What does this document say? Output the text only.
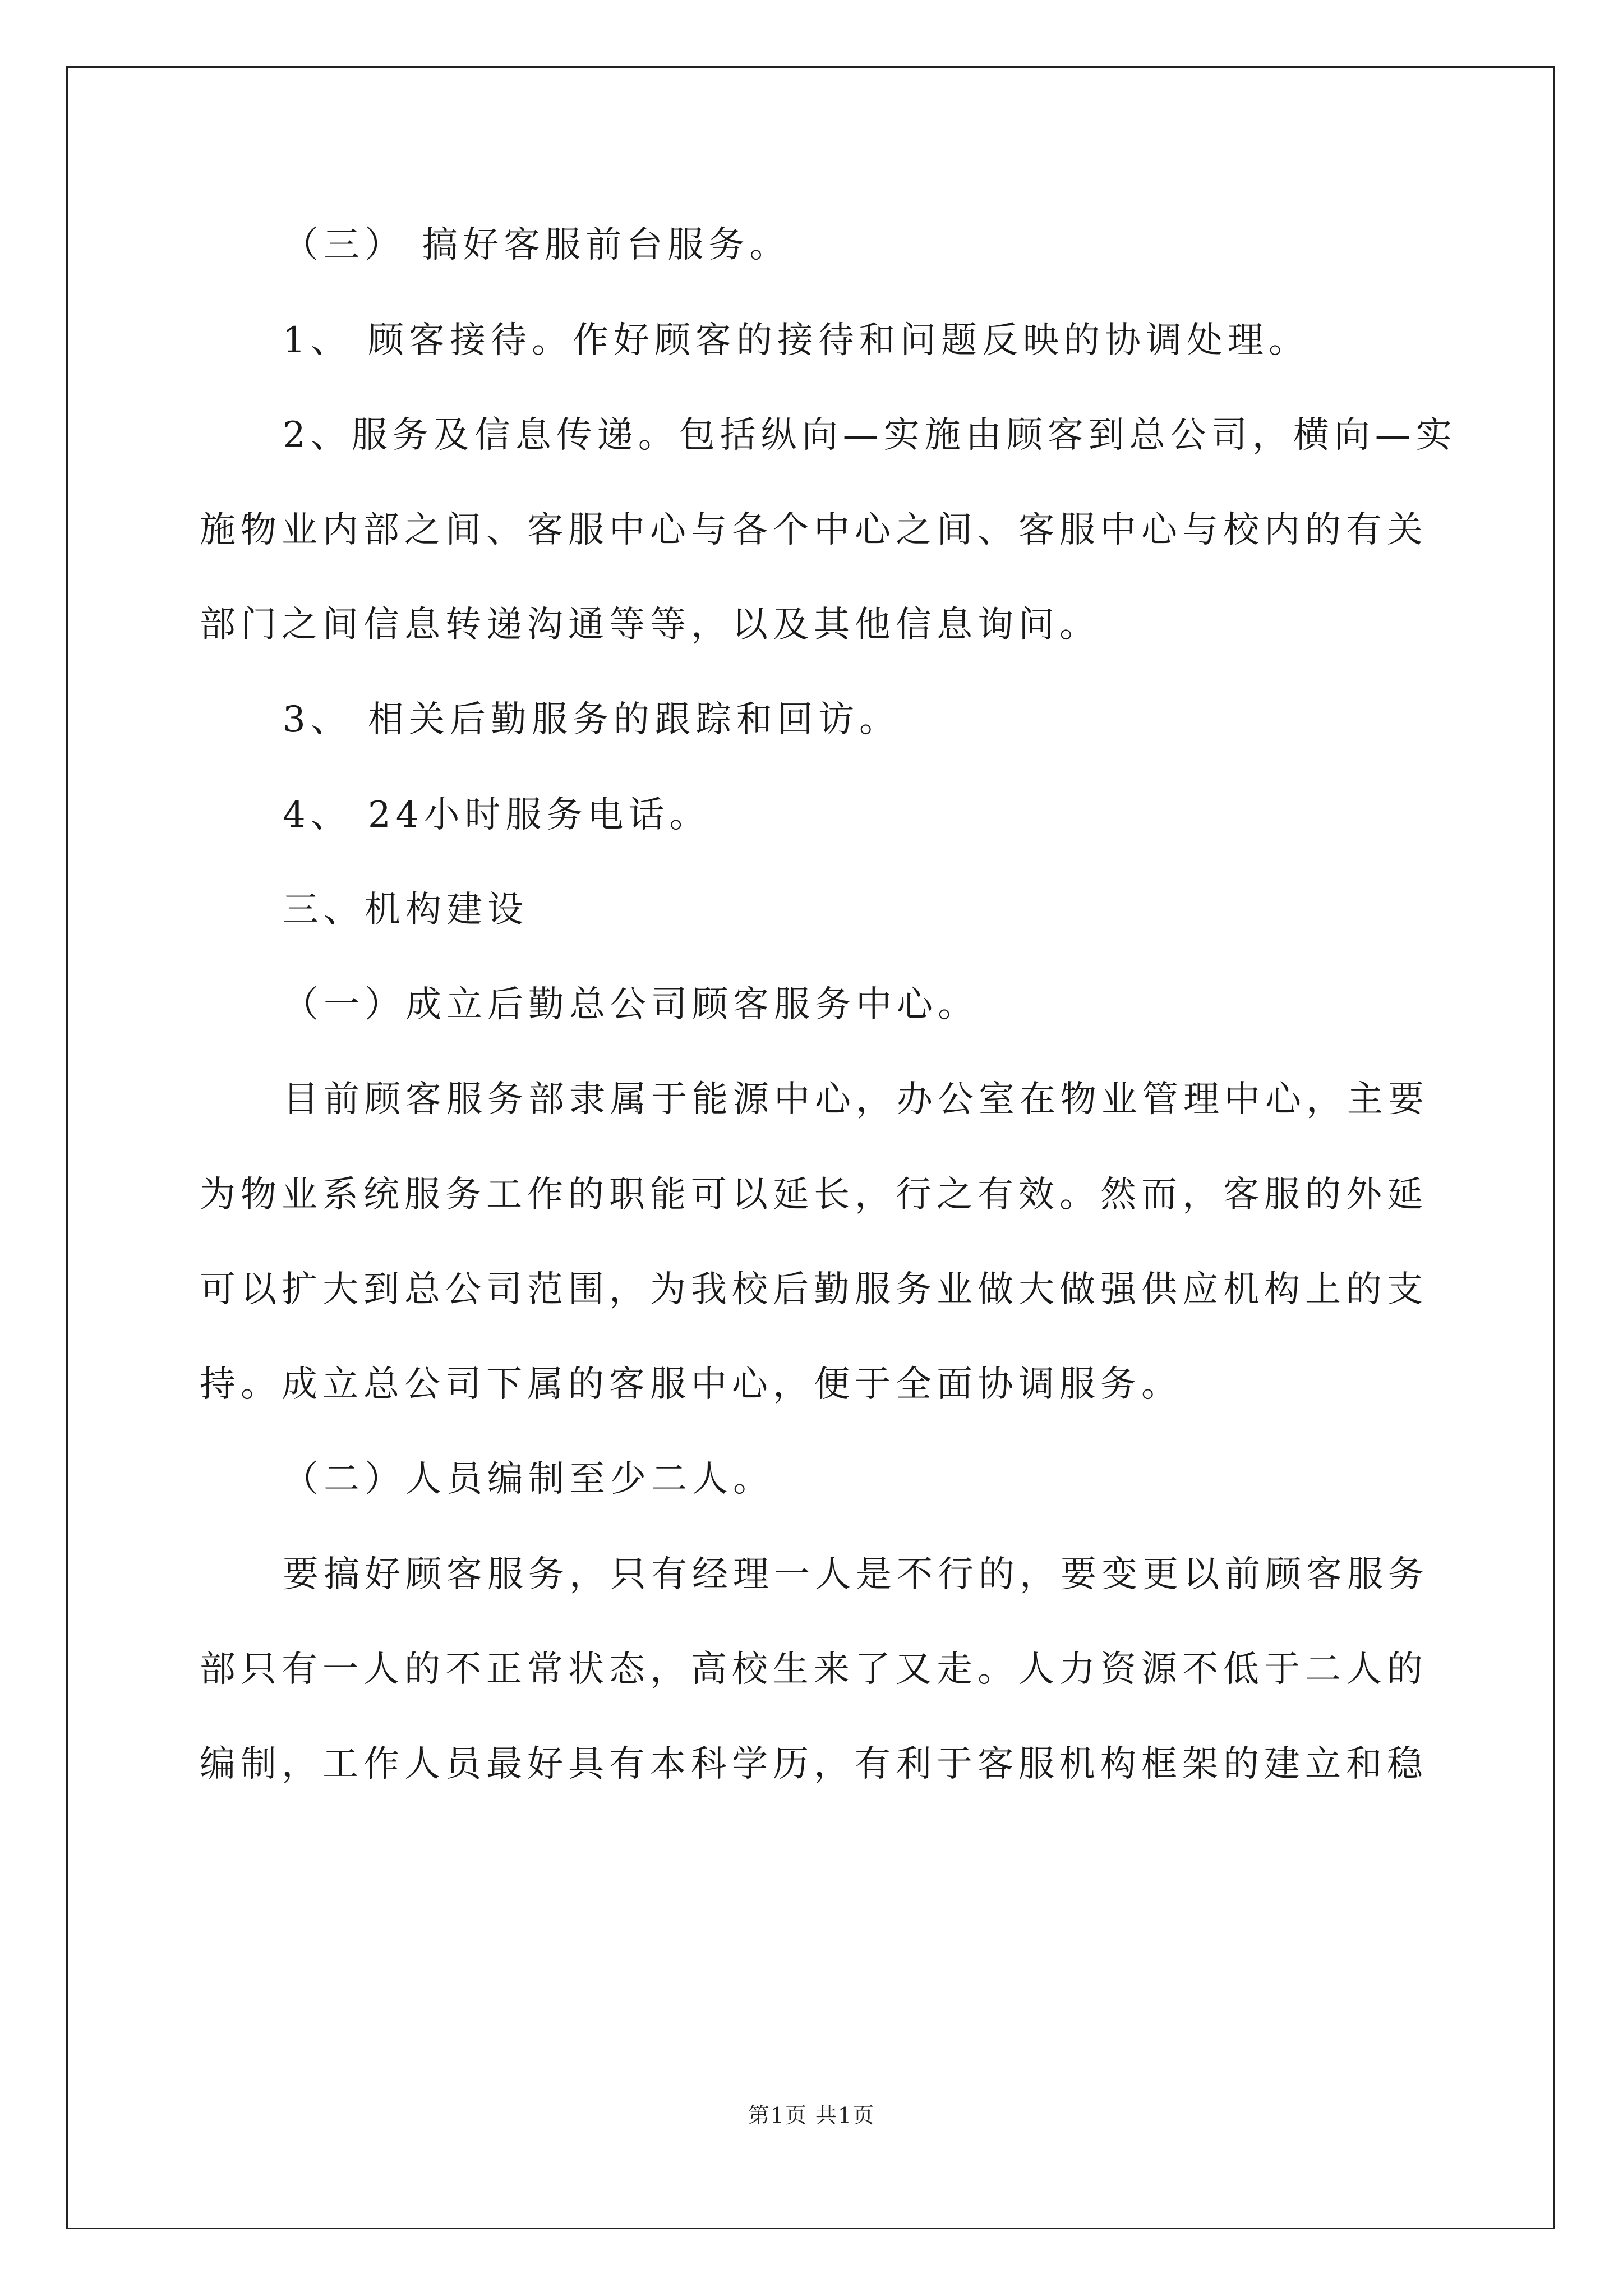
（三） 搞好客服前台服务。
1、 顾客接待。作好顾客的接待和问题反映的协调处理。
2、服务及信息传递。包括纵向—实施由顾客到总公司，横向—实
施物业内部之间、客服中心与各个中心之间、客服中心与校内的有关
部门之间信息转递沟通等等，以及其他信息询问。
3、 相关后勤服务的跟踪和回访。
4、 24小时服务电话。
三、机构建设
（一）成立后勤总公司顾客服务中心。
目前顾客服务部隶属于能源中心，办公室在物业管理中心，主要
为物业系统服务工作的职能可以延长，行之有效。然而，客服的外延
可以扩大到总公司范围，为我校后勤服务业做大做强供应机构上的支
持。成立总公司下属的客服中心，便于全面协调服务。
（二）人员编制至少二人。
要搞好顾客服务，只有经理一人是不行的，要变更以前顾客服务
部只有一人的不正常状态，高校生来了又走。人力资源不低于二人的
编制，工作人员最好具有本科学历，有利于客服机构框架的建立和稳
第1页 共1页
